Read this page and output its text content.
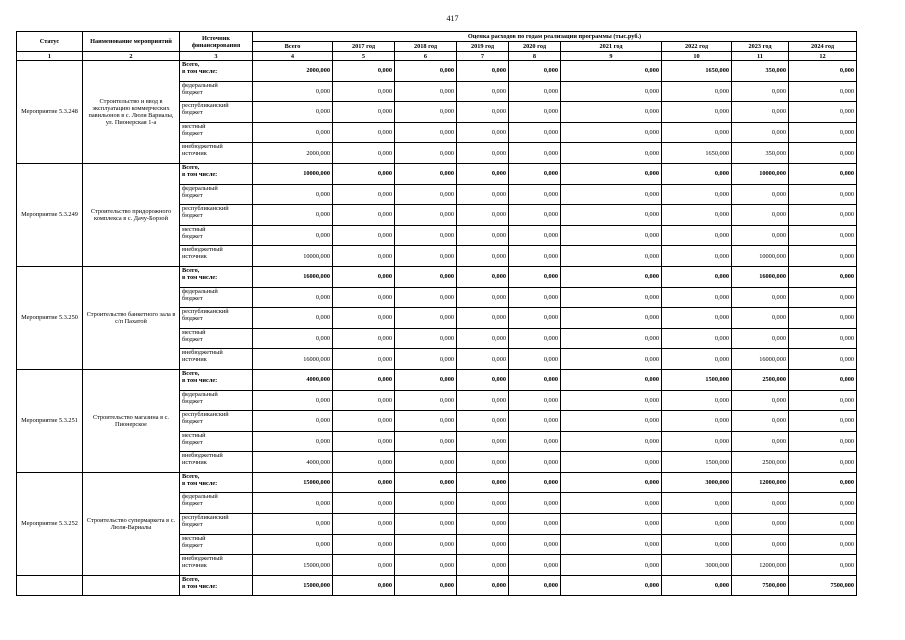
417
Статус	Наименование мероприятий	Источник финансирования	Оценка расходов по годам реализации программы (тыс.руб.)								
			Всего	2017 год	2018 год	2019 год	2020 год	2021 год	2022 год	2023 год	2024 год
1	2	3	4	5	6	7	8	9	10	11	12
Мероприятие 5.3.248	Строительство и ввод в эксплуатацию коммерческих павильонов в с. Люля Вариалы, ул. Пионерская 1-а	Всего,
в том числе:	2000,000	0,000	0,000	0,000	0,000	0,000	1650,000	350,000	0,000

		федеральный
бюджет	0,000	0,000	0,000	0,000	0,000	0,000	0,000	0,000	0,000

		республиканский
бюджет	0,000	0,000	0,000	0,000	0,000	0,000	0,000	0,000	0,000

		местный
бюджет	0,000	0,000	0,000	0,000	0,000	0,000	0,000	0,000	0,000

		внебюджетный
источник	2000,000	0,000	0,000	0,000	0,000	0,000	1650,000	350,000	0,000
Мероприятие 5.3.249	Строительство придорожного комплекса в с. Дачу-Борзой	Всего,
в том числе:	10000,000	0,000	0,000	0,000	0,000	0,000	0,000	10000,000	0,000

		федеральный
бюджет	0,000	0,000	0,000	0,000	0,000	0,000	0,000	0,000	0,000

		республиканский
бюджет	0,000	0,000	0,000	0,000	0,000	0,000	0,000	0,000	0,000

		местный
бюджет	0,000	0,000	0,000	0,000	0,000	0,000	0,000	0,000	0,000

		внебюджетный
источник	10000,000	0,000	0,000	0,000	0,000	0,000	0,000	10000,000	0,000
Мероприятие 5.3.250	Строительство банкетного зала в с/п Пахатой	Всего,
в том числе:	16000,000	0,000	0,000	0,000	0,000	0,000	0,000	16000,000	0,000

		федеральный
бюджет	0,000	0,000	0,000	0,000	0,000	0,000	0,000	0,000	0,000

		республиканский
бюджет	0,000	0,000	0,000	0,000	0,000	0,000	0,000	0,000	0,000

		местный
бюджет	0,000	0,000	0,000	0,000	0,000	0,000	0,000	0,000	0,000

		внебюджетный
источник	16000,000	0,000	0,000	0,000	0,000	0,000	0,000	16000,000	0,000
Мероприятие 5.3.251	Строительство магазина в с. Пионерское	Всего,
в том числе:	4000,000	0,000	0,000	0,000	0,000	0,000	1500,000	2500,000	0,000

		федеральный
бюджет	0,000	0,000	0,000	0,000	0,000	0,000	0,000	0,000	0,000

		республиканский
бюджет	0,000	0,000	0,000	0,000	0,000	0,000	0,000	0,000	0,000

		местный
бюджет	0,000	0,000	0,000	0,000	0,000	0,000	0,000	0,000	0,000

		внебюджетный
источник	4000,000	0,000	0,000	0,000	0,000	0,000	1500,000	2500,000	0,000
Мероприятие 5.3.252	Строительство супермаркета в с. Люля-Вариалы	Всего,
в том числе:	15000,000	0,000	0,000	0,000	0,000	0,000	3000,000	12000,000	0,000

		федеральный
бюджет	0,000	0,000	0,000	0,000	0,000	0,000	0,000	0,000	0,000

		республиканский
бюджет	0,000	0,000	0,000	0,000	0,000	0,000	0,000	0,000	0,000

		местный
бюджет	0,000	0,000	0,000	0,000	0,000	0,000	0,000	0,000	0,000

		внебюджетный
источник	15000,000	0,000	0,000	0,000	0,000	0,000	3000,000	12000,000	0,000

		Всего,
в том числе:	15000,000	0,000	0,000	0,000	0,000	0,000	0,000	7500,000	7500,000
